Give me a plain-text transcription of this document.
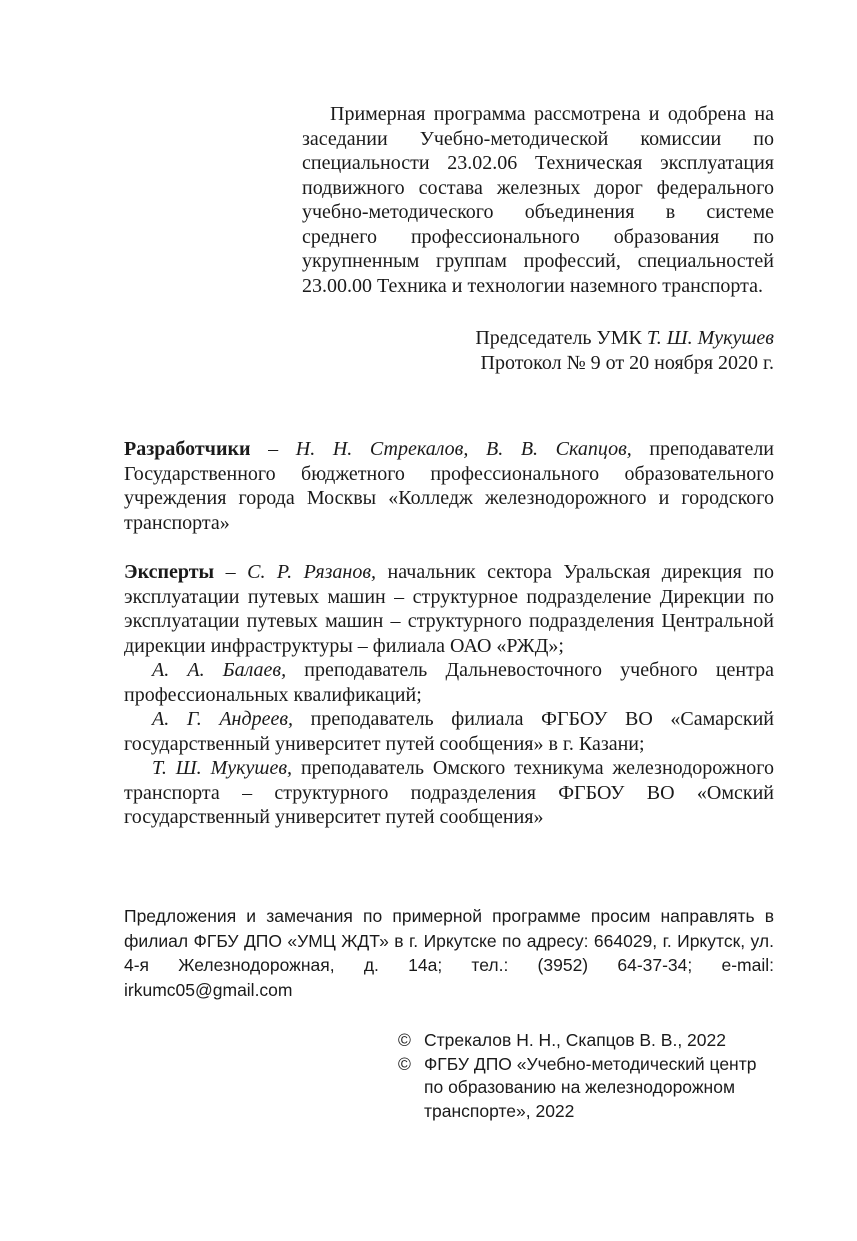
Примерная программа рассмотрена и одобрена на заседании Учебно-методической комиссии по специальности 23.02.06 Техническая эксплуатация подвижного состава железных дорог федерального учебно-методического объединения в системе среднего профессионального образования по укрупненным группам профессий, специальностей 23.00.00 Техника и технологии наземного транспорта.

Председатель УМК Т. Ш. Мукушев

Протокол № 9 от 20 ноября 2020 г.

Разработчики – Н. Н. Стрекалов, В. В. Скапцов, преподаватели Государственного бюджетного профессионального образовательного учреждения города Москвы «Колледж железнодорожного и городского транспорта»

Эксперты – С. Р. Рязанов, начальник сектора Уральская дирекция по эксплуатации путевых машин – структурное подразделение Дирекции по эксплуатации путевых машин – структурного подразделения Центральной дирекции инфраструктуры – филиала ОАО «РЖД»;

А. А. Балаев, преподаватель Дальневосточного учебного центра профессиональных квалификаций;

А. Г. Андреев, преподаватель филиала ФГБОУ ВО «Самарский государственный университет путей сообщения» в г. Казани;

Т. Ш. Мукушев, преподаватель Омского техникума железнодорожного транспорта – структурного подразделения ФГБОУ ВО «Омский государственный университет путей сообщения»

Предложения и замечания по примерной программе просим направлять в филиал ФГБУ ДПО «УМЦ ЖДТ» в г. Иркутске по адресу: 664029, г. Иркутск, ул. 4-я Железнодорожная, д. 14а; тел.: (3952) 64-37-34; e-mail: irkumc05@gmail.com

© Стрекалов Н. Н., Скапцов В. В., 2022

© ФГБУ ДПО «Учебно-методический центр по образованию на железнодорожном транспорте», 2022
